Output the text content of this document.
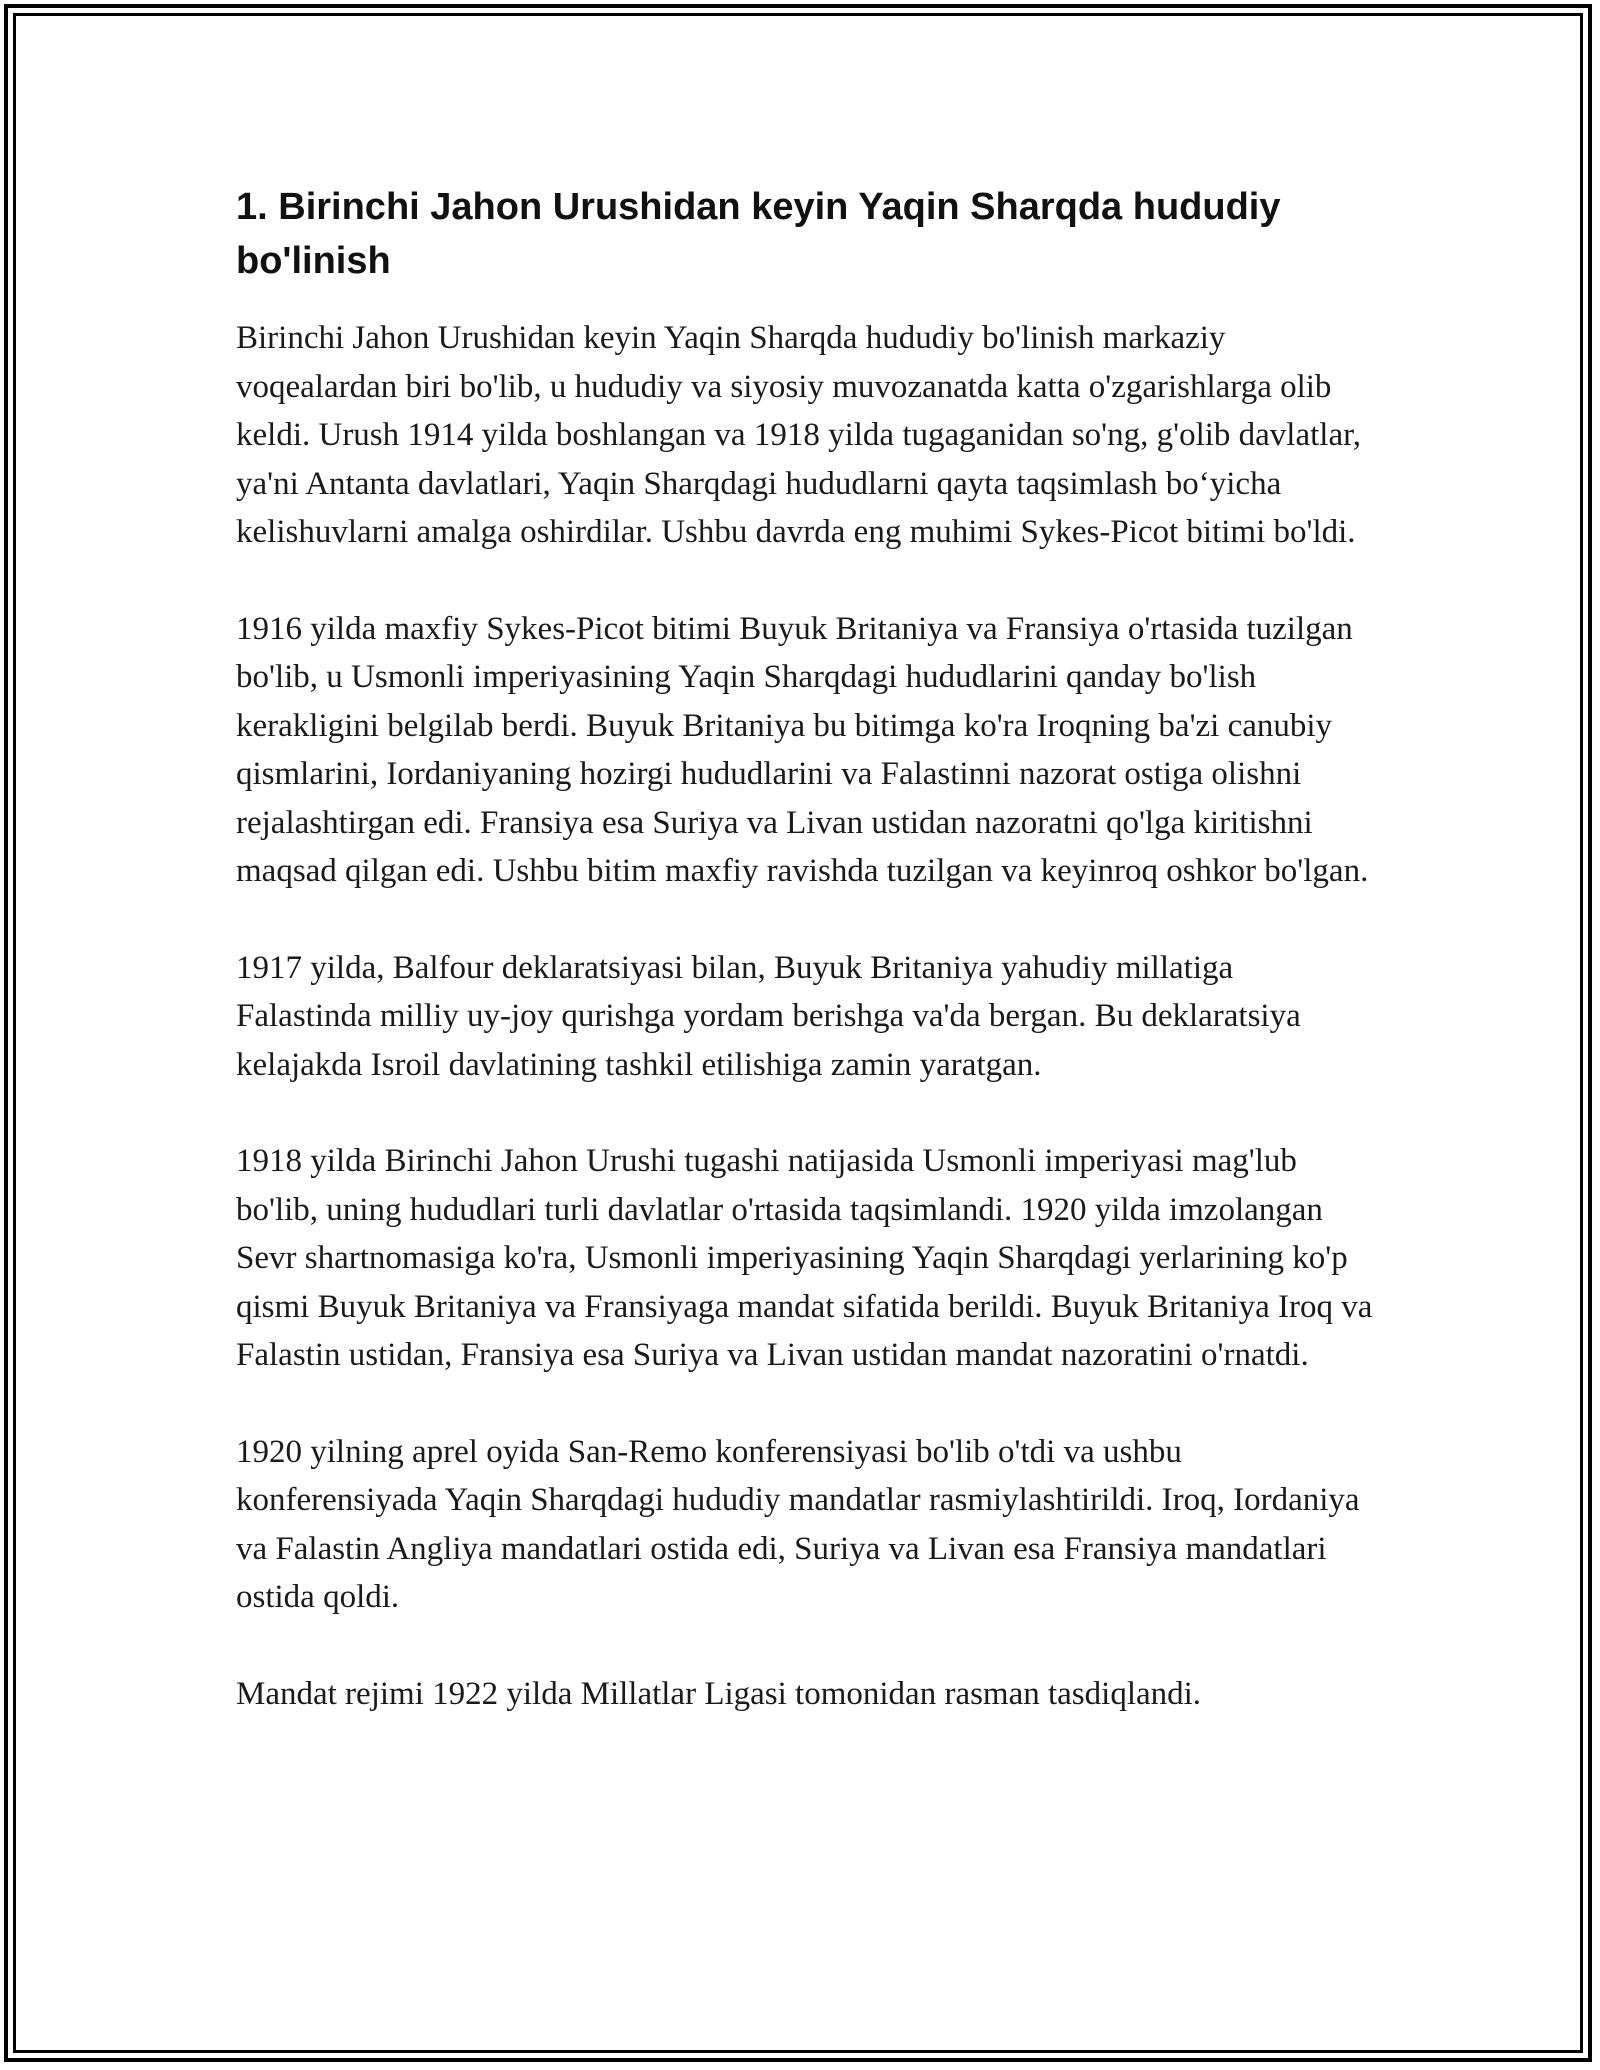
1. Birinchi Jahon Urushidan keyin Yaqin Sharqda hududiy bo'linish

Birinchi Jahon Urushidan keyin Yaqin Sharqda hududiy bo'linish markaziy voqealardan biri bo'lib, u hududiy va siyosiy muvozanatda katta o'zgarishlarga olib keldi. Urush 1914 yilda boshlangan va 1918 yilda tugaganidan so'ng, g'olib davlatlar, ya'ni Antanta davlatlari, Yaqin Sharqdagi hududlarni qayta taqsimlash bo‘yicha kelishuvlarni amalga oshirdilar. Ushbu davrda eng muhimi Sykes-Picot bitimi bo'ldi.

1916 yilda maxfiy Sykes-Picot bitimi Buyuk Britaniya va Fransiya o'rtasida tuzilgan bo'lib, u Usmonli imperiyasining Yaqin Sharqdagi hududlarini qanday bo'lish kerakligini belgilab berdi. Buyuk Britaniya bu bitimga ko'ra Iroqning ba'zi canubiy qismlarini, Iordaniyaning hozirgi hududlarini va Falastinni nazorat ostiga olishni rejalashtirgan edi. Fransiya esa Suriya va Livan ustidan nazoratni qo'lga kiritishni maqsad qilgan edi. Ushbu bitim maxfiy ravishda tuzilgan va keyinroq oshkor bo'lgan.

1917 yilda, Balfour deklaratsiyasi bilan, Buyuk Britaniya yahudiy millatiga Falastinda milliy uy-joy qurishga yordam berishga va'da bergan. Bu deklaratsiya kelajakda Isroil davlatining tashkil etilishiga zamin yaratgan.

1918 yilda Birinchi Jahon Urushi tugashi natijasida Usmonli imperiyasi mag'lub bo'lib, uning hududlari turli davlatlar o'rtasida taqsimlandi. 1920 yilda imzolangan Sevr shartnomasiga ko'ra, Usmonli imperiyasining Yaqin Sharqdagi yerlarining ko'p qismi Buyuk Britaniya va Fransiyaga mandat sifatida berildi. Buyuk Britaniya Iroq va Falastin ustidan, Fransiya esa Suriya va Livan ustidan mandat nazoratini o'rnatdi.

1920 yilning aprel oyida San-Remo konferensiyasi bo'lib o'tdi va ushbu konferensiyada Yaqin Sharqdagi hududiy mandatlar rasmiylashtirildi. Iroq, Iordaniya va Falastin Angliya mandatlari ostida edi, Suriya va Livan esa Fransiya mandatlari ostida qoldi.

Mandat rejimi 1922 yilda Millatlar Ligasi tomonidan rasman tasdiqlandi.
